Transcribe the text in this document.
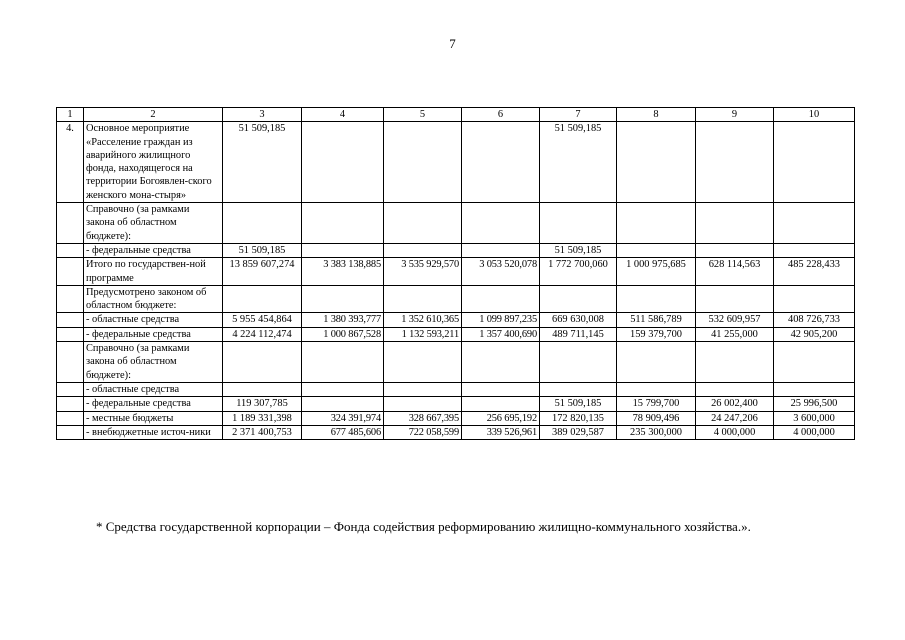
7
1	2	3	4	5	6	7	8	9	10
4.	Основное мероприятие «Расселение граждан из аварийного жилищного фонда, находящегося на территории Богоявлен-ского женского мона-стыря»	51 509,185				51 509,185			
	Справочно (за рамками закона об областном бюджете):								
	- федеральные средства	51 509,185				51 509,185			
	Итого по государствен-ной программе	13 859 607,274	3 383 138,885	3 535 929,570	3 053 520,078	1 772 700,060	1 000 975,685	628 114,563	485 228,433
	Предусмотрено законом об областном бюджете:								
	- областные средства	5 955 454,864	1 380 393,777	1 352 610,365	1 099 897,235	669 630,008	511 586,789	532 609,957	408 726,733
	- федеральные средства	4 224 112,474	1 000 867,528	1 132 593,211	1 357 400,690	489 711,145	159 379,700	41 255,000	42 905,200
	Справочно (за рамками закона об областном бюджете):								
	- областные средства								
	- федеральные средства	119 307,785				51 509,185	15 799,700	26 002,400	25 996,500
	- местные бюджеты	1 189 331,398	324 391,974	328 667,395	256 695,192	172 820,135	78 909,496	24 247,206	3 600,000
	- внебюджетные источ-ники	2 371 400,753	677 485,606	722 058,599	339 526,961	389 029,587	235 300,000	4 000,000	4 000,000
* Средства государственной корпорации – Фонда содействия реформированию жилищно-коммунального хозяйства.».
